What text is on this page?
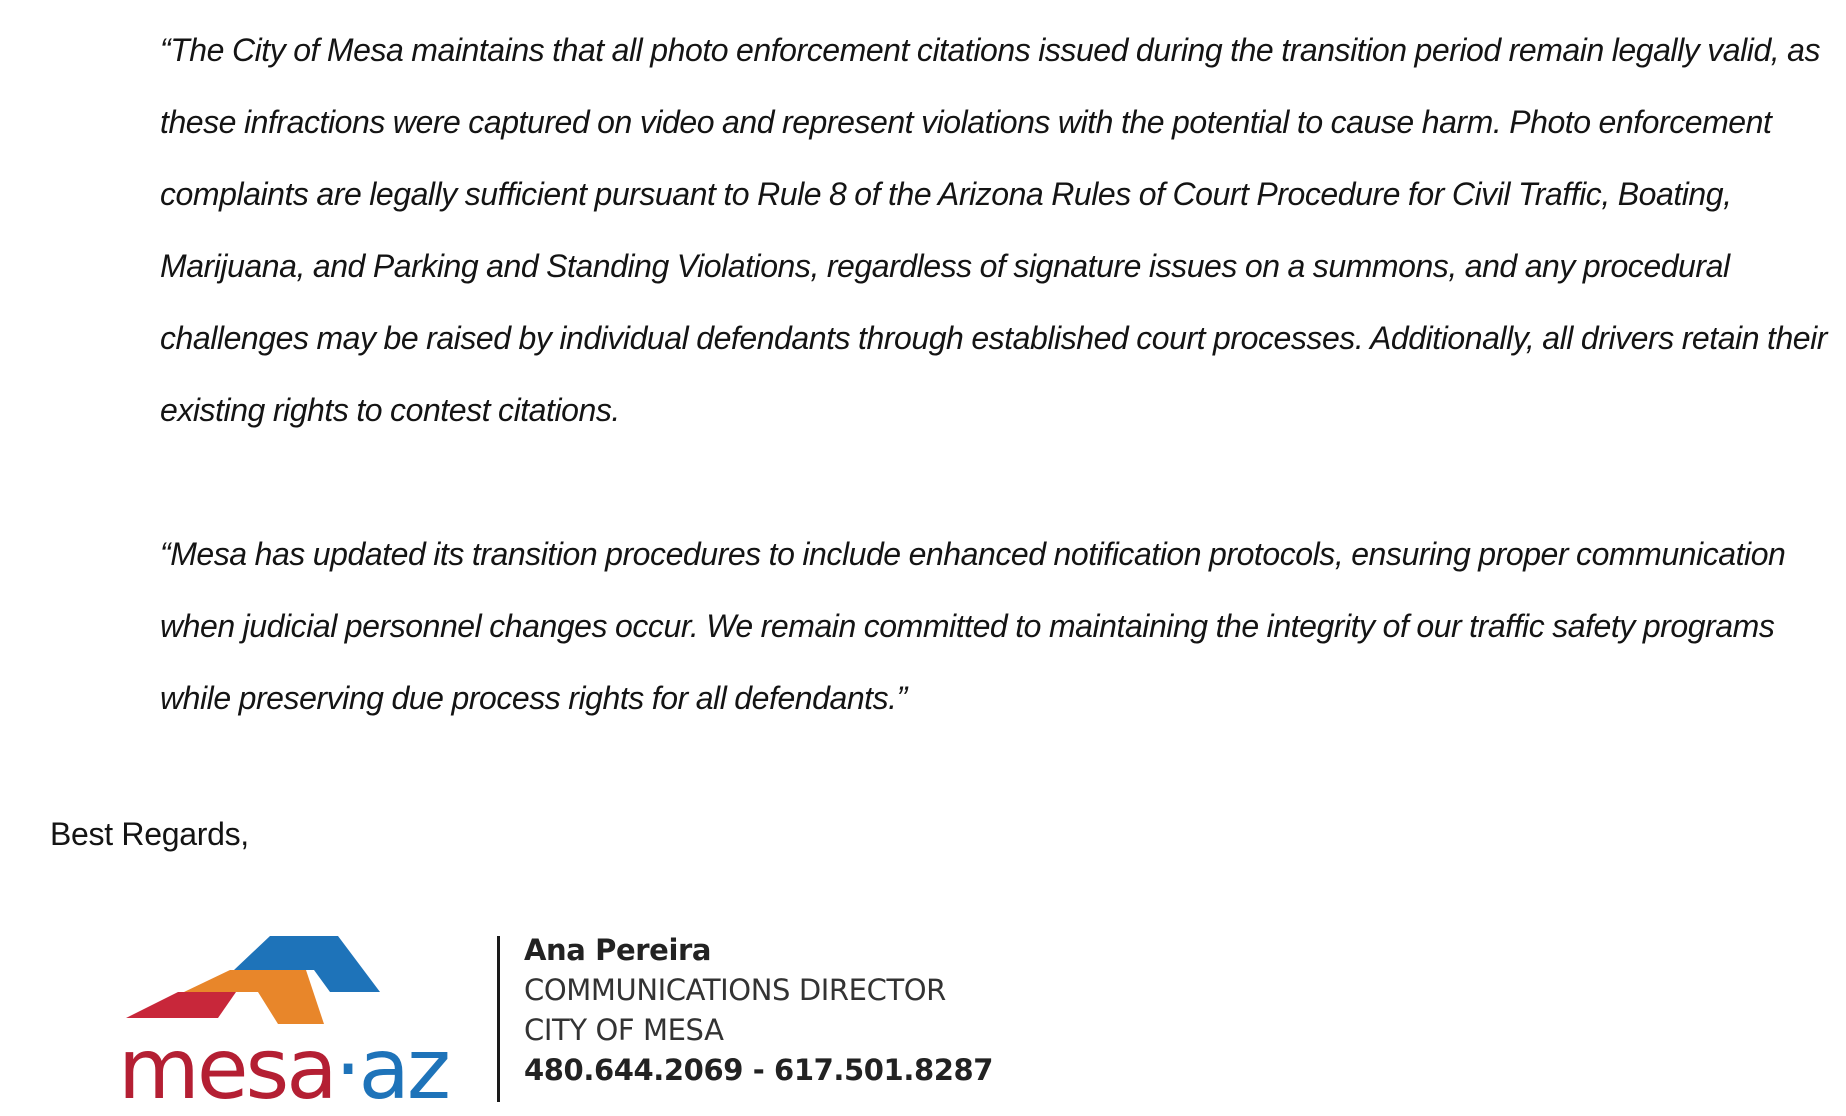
“The City of Mesa maintains that all photo enforcement citations issued during the transition period remain legally valid, as these infractions were captured on video and represent violations with the potential to cause harm. Photo enforcement complaints are legally sufficient pursuant to Rule 8 of the Arizona Rules of Court Procedure for Civil Traffic, Boating, Marijuana, and Parking and Standing Violations, regardless of signature issues on a summons, and any procedural challenges may be raised by individual defendants through established court processes. Additionally, all drivers retain their existing rights to contest citations.

“Mesa has updated its transition procedures to include enhanced notification protocols, ensuring proper communication when judicial personnel changes occur. We remain committed to maintaining the integrity of our traffic safety programs while preserving due process rights for all defendants.”

Best Regards,

mesa·az
Ana Pereira
COMMUNICATIONS DIRECTOR
CITY OF MESA
480.644.2069 - 617.501.8287
